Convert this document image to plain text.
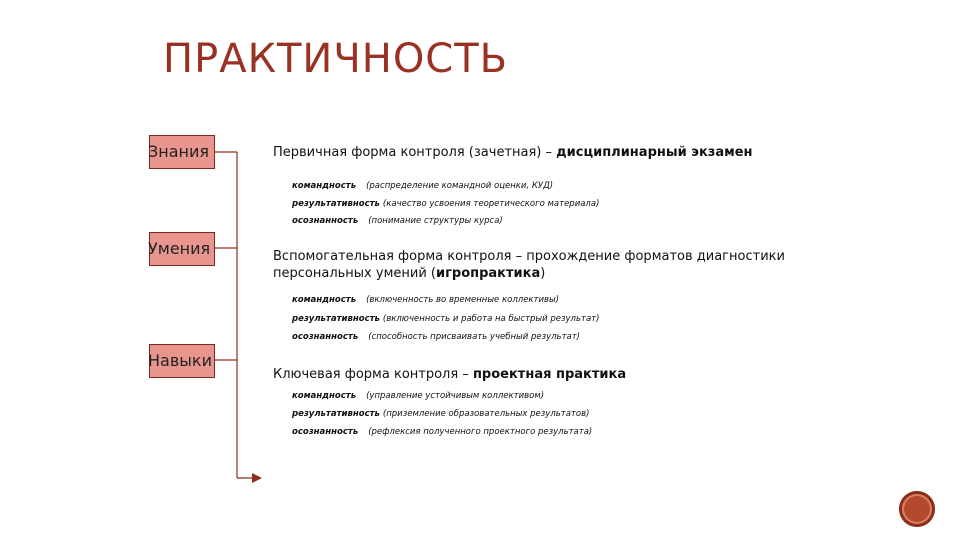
ПРАКТИЧНОСТЬ
Знания
Умения
Навыки
Первичная форма контроля (зачетная) – дисциплинарный экзамен
командность (распределение командной оценки, КУД)
результативность (качество усвоения теоретического материала)
осознанность (понимание структуры курса)
Вспомогательная форма контроля – прохождение форматов диагностики
персональных умений (игропрактика)
командность (включенность во временные коллективы)
результативность (включенность и работа на быстрый результат)
осознанность (способность присваивать учебный результат)
Ключевая форма контроля – проектная практика
командность (управление устойчивым коллективом)
результативность (приземление образовательных результатов)
осознанность (рефлексия полученного проектного результата)
